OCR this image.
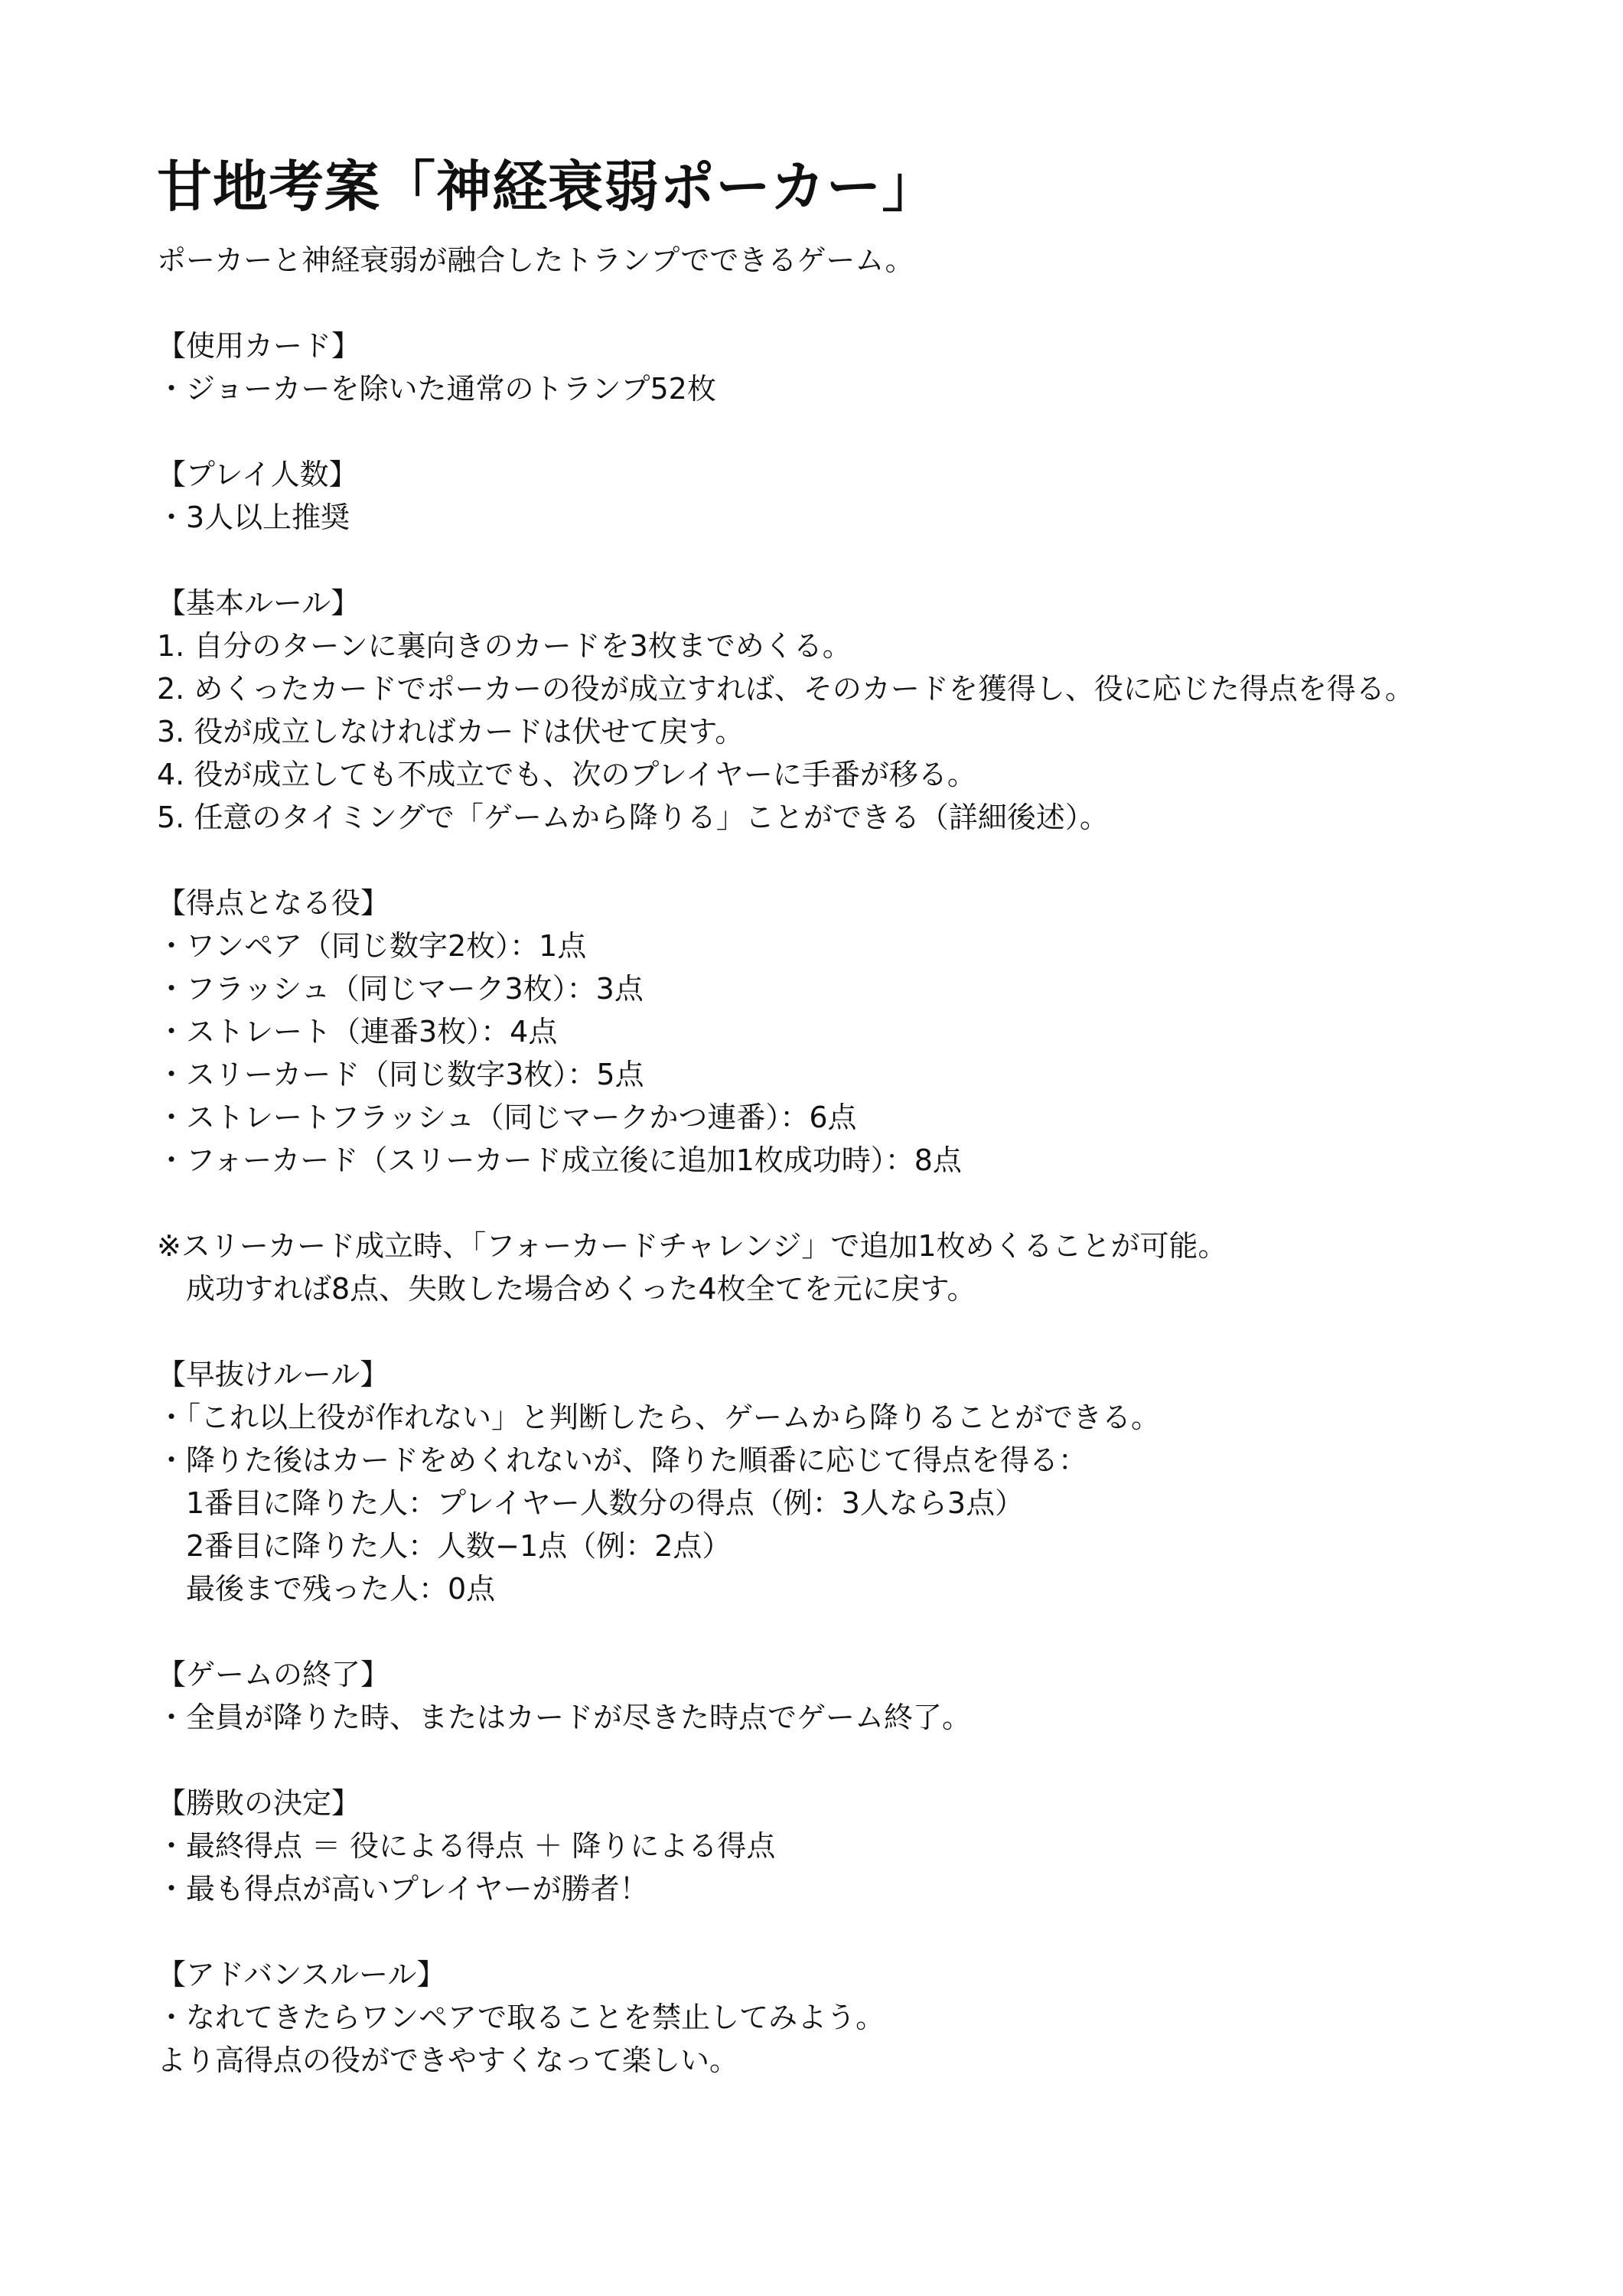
甘地考案「神経衰弱ポーカー」
ポーカーと神経衰弱が融合したトランプでできるゲーム。
【使用カード】
・ジョーカーを除いた通常のトランプ52枚
【プレイ人数】
・3人以上推奨
【基本ルール】
1. 自分のターンに裏向きのカードを3枚までめくる。
2. めくったカードでポーカーの役が成立すれば、そのカードを獲得し、役に応じた得点を得る。
3. 役が成立しなければカードは伏せて戻す。
4. 役が成立しても不成立でも、次のプレイヤーに手番が移る。
5. 任意のタイミングで「ゲームから降りる」ことができる（詳細後述）。
【得点となる役】
・ワンペア（同じ数字2枚）：1点
・フラッシュ（同じマーク3枚）：3点
・ストレート（連番3枚）：4点
・スリーカード（同じ数字3枚）：5点
・ストレートフラッシュ（同じマークかつ連番）：6点
・フォーカード（スリーカード成立後に追加1枚成功時）：8点
※スリーカード成立時、「フォーカードチャレンジ」で追加1枚めくることが可能。
成功すれば8点、失敗した場合めくった4枚全てを元に戻す。
【早抜けルール】
・「これ以上役が作れない」と判断したら、ゲームから降りることができる。
・降りた後はカードをめくれないが、降りた順番に応じて得点を得る：
1番目に降りた人：プレイヤー人数分の得点（例：3人なら3点）
2番目に降りた人：人数−1点（例：2点）
最後まで残った人：0点
【ゲームの終了】
・全員が降りた時、またはカードが尽きた時点でゲーム終了。
【勝敗の決定】
・最終得点 ＝ 役による得点 ＋ 降りによる得点
・最も得点が高いプレイヤーが勝者！
【アドバンスルール】
・なれてきたらワンペアで取ることを禁止してみよう。
より高得点の役ができやすくなって楽しい。
